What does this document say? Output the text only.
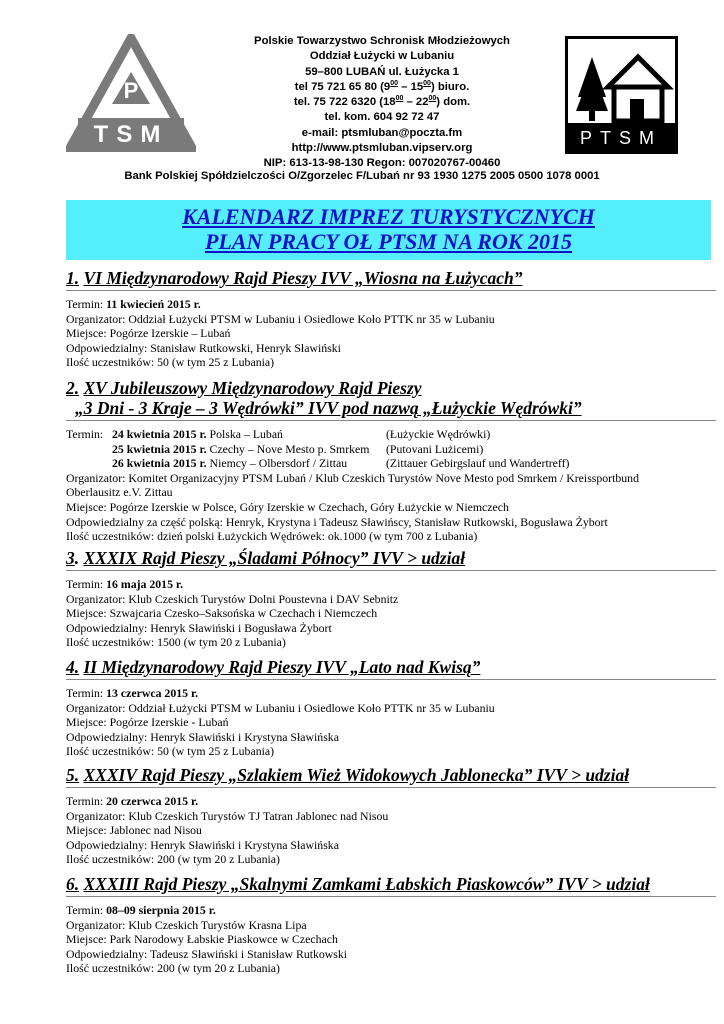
P
TSM
Polskie Towarzystwo Schronisk Młodzieżowych
Oddział Łużycki w Lubaniu
59–800 LUBAŃ ul. Łużycka 1
tel 75 721 65 80 $(9^{00} - 15^{00})$ biuro.
tel. 75 722 6320 $(18^{00} - 22^{00})$ dom.
tel. kom. 604 92 72 47
e-mail: ptsmluban@poczta.fm
http://www.ptsmluban.vipserv.org
NIP: 613-13-98-130 Regon: 007020767-00460
PTSM
Bank Polskiej Spółdzielczości O/Zgorzelec F/Lubań nr 93 1930 1275 2005 0500 1078 0001
KALENDARZ IMPREZ TURYSTYCZNYCH
PLAN PRACY OŁ PTSM NA ROK 2015
1. VI Międzynarodowy Rajd Pieszy IVV „Wiosna na Łużycach”
Termin: 11 kwiecień 2015 r.
Organizator: Oddział Łużycki PTSM w Lubaniu i Osiedlowe Koło PTTK nr 35 w Lubaniu
Miejsce: Pogórze Izerskie – Lubań
Odpowiedzialny: Stanisław Rutkowski, Henryk Sławiński
Ilość uczestników: 50 (w tym 25 z Lubania)
2. XV Jubileuszowy Międzynarodowy Rajd Pieszy
„3 Dni - 3 Kraje – 3 Wędrówki” IVV pod nazwą „Łużyckie Wędrówki”
Termin: 24 kwietnia 2015 r. Polska – Lubań	(Łużyckie Wędrówki)
25 kwietnia 2015 r. Czechy – Nove Mesto p. Smrkem	(Putovani Lużicemi)
26 kwietnia 2015 r. Niemcy – Olbersdorf / Zittau	(Zittauer Gebirgslauf und Wandertreff)
Organizator: Komitet Organizacyjny PTSM Lubań / Klub Czeskich Turystów Nove Mesto pod Smrkem / Kreissportbund
Oberlausitz e.V. Zittau
Miejsce: Pogórze Izerskie w Polsce, Góry Izerskie w Czechach, Góry Łużyckie w Niemczech
Odpowiedzialny za część polską: Henryk, Krystyna i Tadeusz Sławińscy, Stanisław Rutkowski, Bogusława Żybort
Ilość uczestników: dzień polski Łużyckich Wędrówek: ok.1000 (w tym 700 z Lubania)
3. XXXIX Rajd Pieszy „Śladami Północy” IVV > udział
Termin: 16 maja 2015 r.
Organizator: Klub Czeskich Turystów Dolni Poustevna i DAV Sebnitz
Miejsce: Szwajcaria Czesko–Saksońska w Czechach i Niemczech
Odpowiedzialny: Henryk Sławiński i Bogusława Żybort
Ilość uczestników: 1500 (w tym 20 z Lubania)
4. II Międzynarodowy Rajd Pieszy IVV „Lato nad Kwisą”
Termin: 13 czerwca 2015 r.
Organizator: Oddział Łużycki PTSM w Lubaniu i Osiedlowe Koło PTTK nr 35 w Lubaniu
Miejsce: Pogórze Izerskie - Lubań
Odpowiedzialny: Henryk Sławiński i Krystyna Sławińska
Ilość uczestników: 50 (w tym 25 z Lubania)
5. XXXIV Rajd Pieszy „Szlakiem Wież Widokowych Jablonecka” IVV > udział
Termin: 20 czerwca 2015 r.
Organizator: Klub Czeskich Turystów TJ Tatran Jablonec nad Nisou
Miejsce: Jablonec nad Nisou
Odpowiedzialny: Henryk Sławiński i Krystyna Sławińska
Ilość uczestników: 200 (w tym 20 z Lubania)
6. XXXIII Rajd Pieszy „Skalnymi Zamkami Łabskich Piaskowców” IVV > udział
Termin: 08–09 sierpnia 2015 r.
Organizator: Klub Czeskich Turystów Krasna Lipa
Miejsce: Park Narodowy Łabskie Piaskowce w Czechach
Odpowiedzialny: Tadeusz Sławiński i Stanisław Rutkowski
Ilość uczestników: 200 (w tym 20 z Lubania)
